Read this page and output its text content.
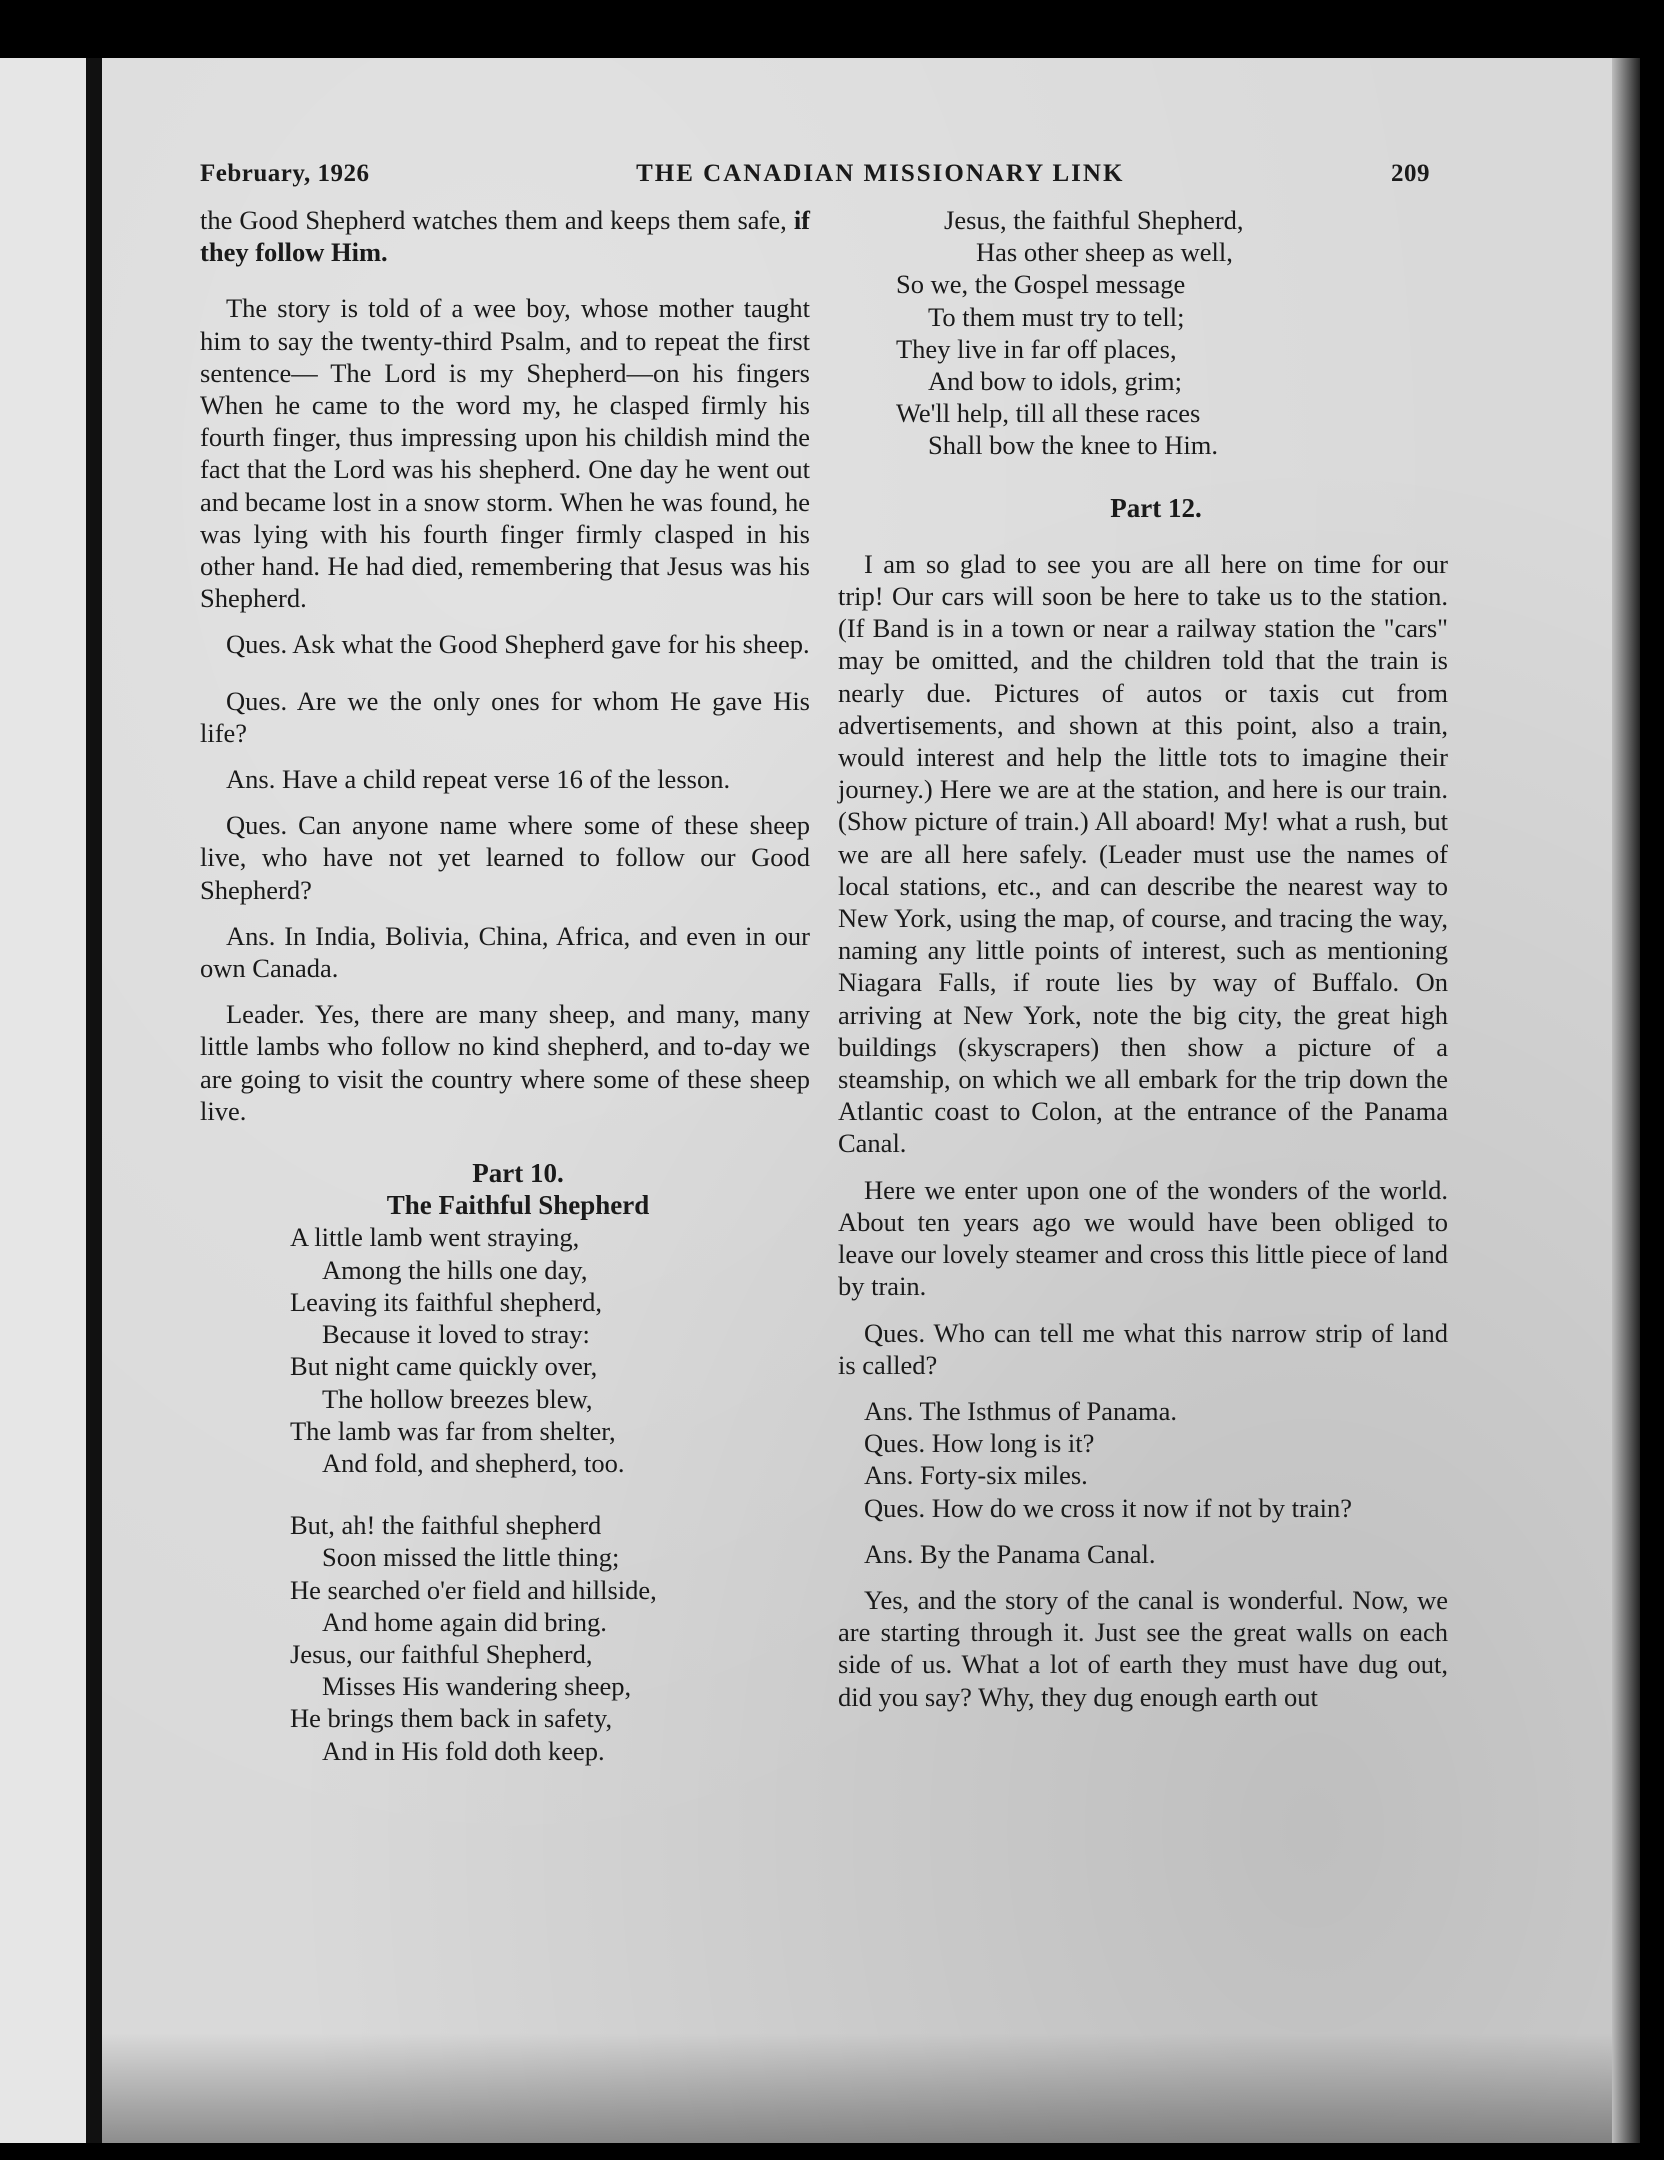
February, 1926	THE CANADIAN MISSIONARY LINK	209

the Good Shepherd watches them and keeps them safe, if they follow Him.

The story is told of a wee boy, whose mother taught him to say the twenty-third Psalm, and to repeat the first sentence— The Lord is my Shepherd—on his fingers When he came to the word my, he clasped firmly his fourth finger, thus impressing upon his childish mind the fact that the Lord was his shepherd. One day he went out and became lost in a snow storm. When he was found, he was lying with his fourth finger firmly clasped in his other hand. He had died, remembering that Jesus was his Shepherd.

Ques. Ask what the Good Shepherd gave for his sheep.

Ques. Are we the only ones for whom He gave His life?

Ans. Have a child repeat verse 16 of the lesson.

Ques. Can anyone name where some of these sheep live, who have not yet learned to follow our Good Shepherd?

Ans. In India, Bolivia, China, Africa, and even in our own Canada.

Leader. Yes, there are many sheep, and many, many little lambs who follow no kind shepherd, and to-day we are going to visit the country where some of these sheep live.

Part 10.

The Faithful Shepherd

A little lamb went straying,
Among the hills one day,
Leaving its faithful shepherd,
Because it loved to stray:
But night came quickly over,
The hollow breezes blew,
The lamb was far from shelter,
And fold, and shepherd, too.
But, ah! the faithful shepherd
Soon missed the little thing;
He searched o'er field and hillside,
And home again did bring.
Jesus, our faithful Shepherd,
Misses His wandering sheep,
He brings them back in safety,
And in His fold doth keep.
Jesus, the faithful Shepherd,
Has other sheep as well,
So we, the Gospel message
To them must try to tell;
They live in far off places,
And bow to idols, grim;
We'll help, till all these races
Shall bow the knee to Him.

Part 12.

I am so glad to see you are all here on time for our trip! Our cars will soon be here to take us to the station. (If Band is in a town or near a railway station the "cars" may be omitted, and the children told that the train is nearly due. Pictures of autos or taxis cut from advertisements, and shown at this point, also a train, would interest and help the little tots to imagine their journey.) Here we are at the station, and here is our train. (Show picture of train.) All aboard! My! what a rush, but we are all here safely. (Leader must use the names of local stations, etc., and can describe the nearest way to New York, using the map, of course, and tracing the way, naming any little points of interest, such as mentioning Niagara Falls, if route lies by way of Buffalo. On arriving at New York, note the big city, the great high buildings (skyscrapers) then show a picture of a steamship, on which we all embark for the trip down the Atlantic coast to Colon, at the entrance of the Panama Canal.

Here we enter upon one of the wonders of the world. About ten years ago we would have been obliged to leave our lovely steamer and cross this little piece of land by train.

Ques. Who can tell me what this narrow strip of land is called?

Ans. The Isthmus of Panama.

Ques. How long is it?

Ans. Forty-six miles.

Ques. How do we cross it now if not by train?

Ans. By the Panama Canal.

Yes, and the story of the canal is wonderful. Now, we are starting through it. Just see the great walls on each side of us. What a lot of earth they must have dug out, did you say? Why, they dug enough earth out
